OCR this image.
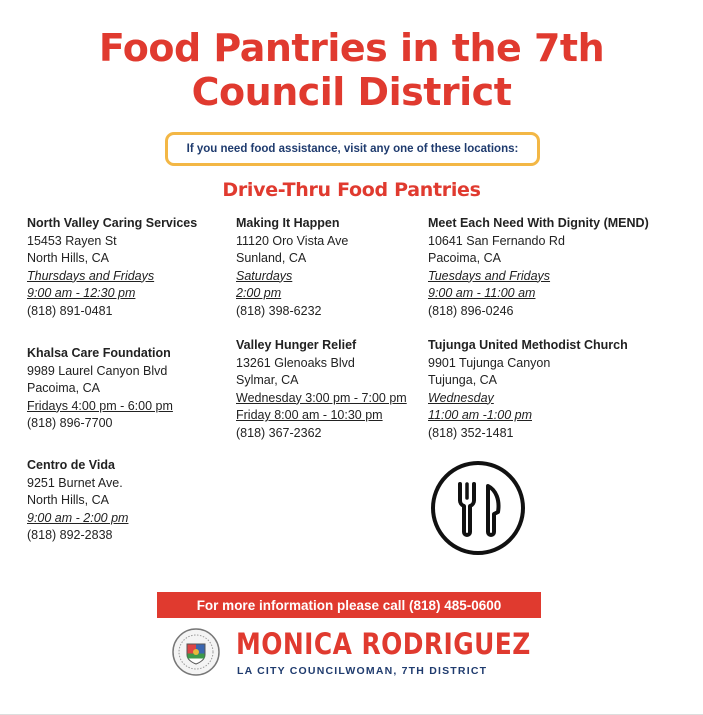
Food Pantries in the 7th
Council District
If you need food assistance, visit any one of these locations:
Drive-Thru Food Pantries
North Valley Caring Services
15453 Rayen St
North Hills, CA
Thursdays and Fridays
9:00 am - 12:30 pm
(818) 891-0481
Khalsa Care Foundation
9989 Laurel Canyon Blvd
Pacoima, CA
Fridays 4:00 pm - 6:00 pm
(818) 896-7700
Centro de Vida
9251 Burnet Ave.
North Hills, CA
9:00 am - 2:00 pm
(818) 892-2838
Making It Happen
11120 Oro Vista Ave
Sunland, CA
Saturdays
2:00 pm
(818) 398-6232
Valley Hunger Relief
13261 Glenoaks Blvd
Sylmar, CA
Wednesday 3:00 pm - 7:00 pm
Friday 8:00 am - 10:30 pm
(818) 367-2362
Meet Each Need With Dignity (MEND)
10641 San Fernando Rd
Pacoima, CA
Tuesdays and Fridays
9:00 am - 11:00 am
(818) 896-0246
Tujunga United Methodist Church
9901 Tujunga Canyon
Tujunga, CA
Wednesday
11:00 am -1:00 pm
(818) 352-1481
For more information please call (818) 485-0600
MONICA RODRIGUEZ
LA CITY COUNCILWOMAN, 7TH DISTRICT
